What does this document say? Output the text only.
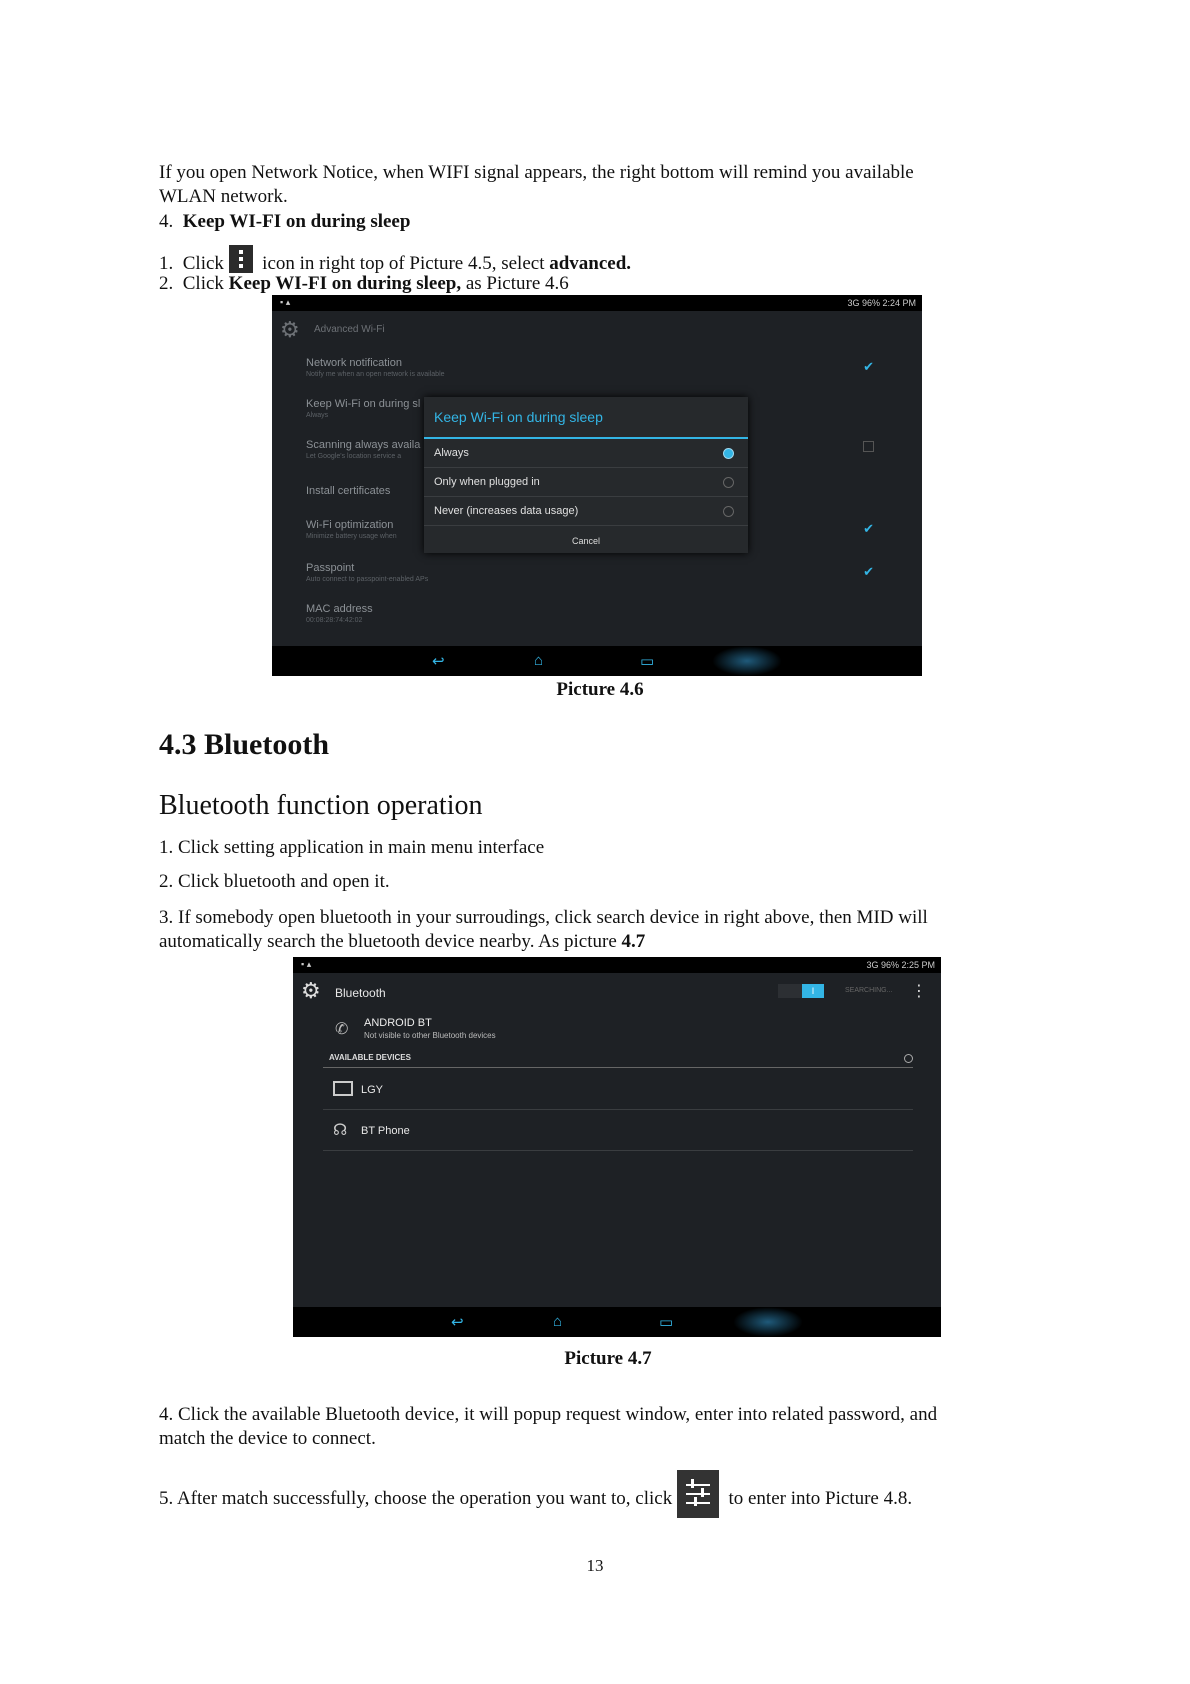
If you open Network Notice, when WIFI signal appears, the right bottom will remind you available

WLAN network.

4. Keep WI-FI on during sleep

1. Click icon in right top of Picture 4.5, select advanced.

2. Click Keep WI-FI on during sleep, as Picture 4.6

▪ ▴	3G 96% 2:24 PM
⚙ Advanced Wi-Fi
Network notification
Notify me when an open network is available
✔
Keep Wi-Fi on during sl
Always
Scanning always availa
Let Google's location service a
Install certificates
Wi-Fi optimization
Minimize battery usage when
✔
Passpoint
Auto connect to passpoint-enabled APs
✔
MAC address
00:08:28:74:42:02
Keep Wi-Fi on during sleep
Always
Only when plugged in
Never (increases data usage)
Cancel
↩	⌂	▭
Picture 4.6
4.3 Bluetooth
Bluetooth function operation

1. Click setting application in main menu interface

2. Click bluetooth and open it.

3. If somebody open bluetooth in your surroudings, click search device in right above, then MID will

automatically search the bluetooth device nearby. As picture 4.7

▪ ▴	3G 96% 2:25 PM
⚙ Bluetooth	I	SEARCHING... ⋮
✆ ANDROID BT
Not visible to other Bluetooth devices
AVAILABLE DEVICES
LGY
☊ BT Phone
↩	⌂	▭
Picture 4.7

4. Click the available Bluetooth device, it will popup request window, enter into related password, and

match the device to connect.

5. After match successfully, choose the operation you want to, click	to enter into Picture 4.8.

13
